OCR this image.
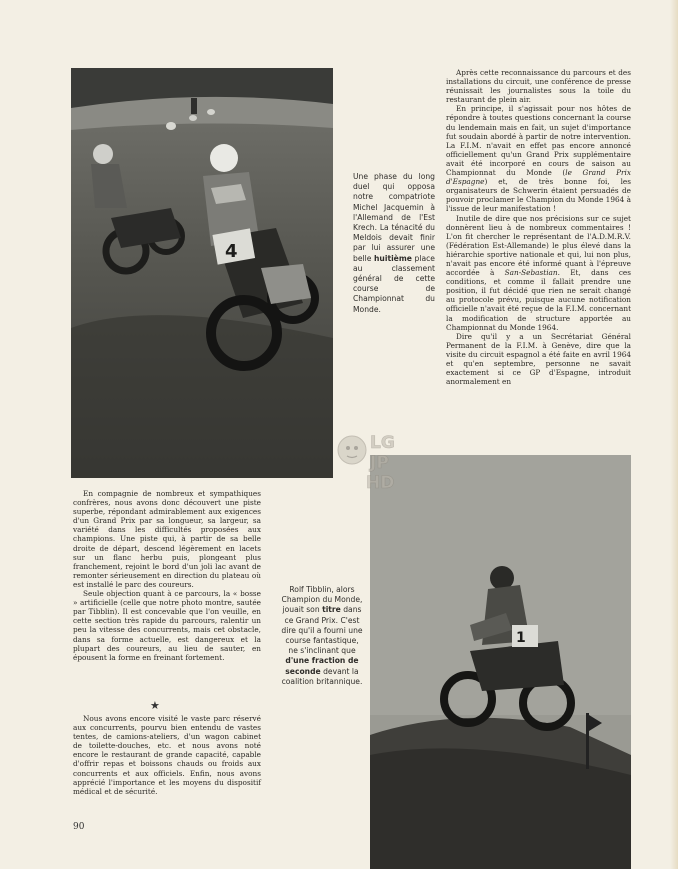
4
1
LG
JP
HD
Une phase du long duel qui opposa notre compatriote Michel Jacquemin à l'Allemand de l'Est Krech. La ténacité du Meldois devait finir par lui assurer une belle huitième place au classement général de cette course de Championnat du Monde.
Rolf Tibblin, alors Champion du Monde, jouait son titre dans ce Grand Prix. C'est dire qu'il a fourni une course fantastique, ne s'inclinant que d'une fraction de seconde devant la coalition britannique.

Après cette reconnaissance du parcours et des installations du circuit, une conférence de presse réunissait les journalistes sous la toile du restaurant de plein air.

En principe, il s'agissait pour nos hôtes de répondre à toutes questions concernant la course du lendemain mais en fait, un sujet d'importance fut soudain abordé à partir de notre intervention. La F.I.M. n'avait en effet pas encore annoncé officiellement qu'un Grand Prix supplémentaire avait été incorporé en cours de saison au Championnat du Monde (le Grand Prix d'Espagne) et, de très bonne foi, les organisateurs de Schwerin étaient persuadés de pouvoir proclamer le Champion du Monde 1964 à l'issue de leur manifestation !

Inutile de dire que nos précisions sur ce sujet donnèrent lieu à de nombreux commentaires ! L'on fit chercher le représentant de l'A.D.M.R.V. (Fédération Est-Allemande) le plus élevé dans la hiérarchie sportive nationale et qui, lui non plus, n'avait pas encore été informé quant à l'épreuve accordée à San-Sebastian. Et, dans ces conditions, et comme il fallait prendre une position, il fut décidé que rien ne serait changé au protocole prévu, puisque aucune notification officielle n'avait été reçue de la F.I.M. concernant la modification de structure apportée au Championnat du Monde 1964.

Dire qu'il y a un Secrétariat Général Permanent de la F.I.M. à Genève, dire que la visite du circuit espagnol a été faite en avril 1964 et qu'en septembre, personne ne savait exactement si ce GP d'Espagne, introduit anormalement en

En compagnie de nombreux et sympathiques confrères, nous avons donc découvert une piste superbe, répondant admirablement aux exigences d'un Grand Prix par sa longueur, sa largeur, sa variété dans les difficultés proposées aux champions. Une piste qui, à partir de sa belle droite de départ, descend légèrement en lacets sur un flanc herbu puis, plongeant plus franchement, rejoint le bord d'un joli lac avant de remonter sérieusement en direction du plateau où est installé le parc des coureurs.

Seule objection quant à ce parcours, la « bosse » artificielle (celle que notre photo montre, sautée par Tibblin). Il est concevable que l'on veuille, en cette section très rapide du parcours, ralentir un peu la vitesse des concurrents, mais cet obstacle, dans sa forme actuelle, est dangereux et la plupart des coureurs, au lieu de sauter, en épousent la forme en freinant fortement.

★

Nous avons encore visité le vaste parc réservé aux concurrents, pourvu bien entendu de vastes tentes, de camions-ateliers, d'un wagon cabinet de toilette-douches, etc. et nous avons noté encore le restaurant de grande capacité, capable d'offrir repas et boissons chauds ou froids aux concurrents et aux officiels. Enfin, nous avons apprécié l'importance et les moyens du dispositif médical et de sécurité.

90
